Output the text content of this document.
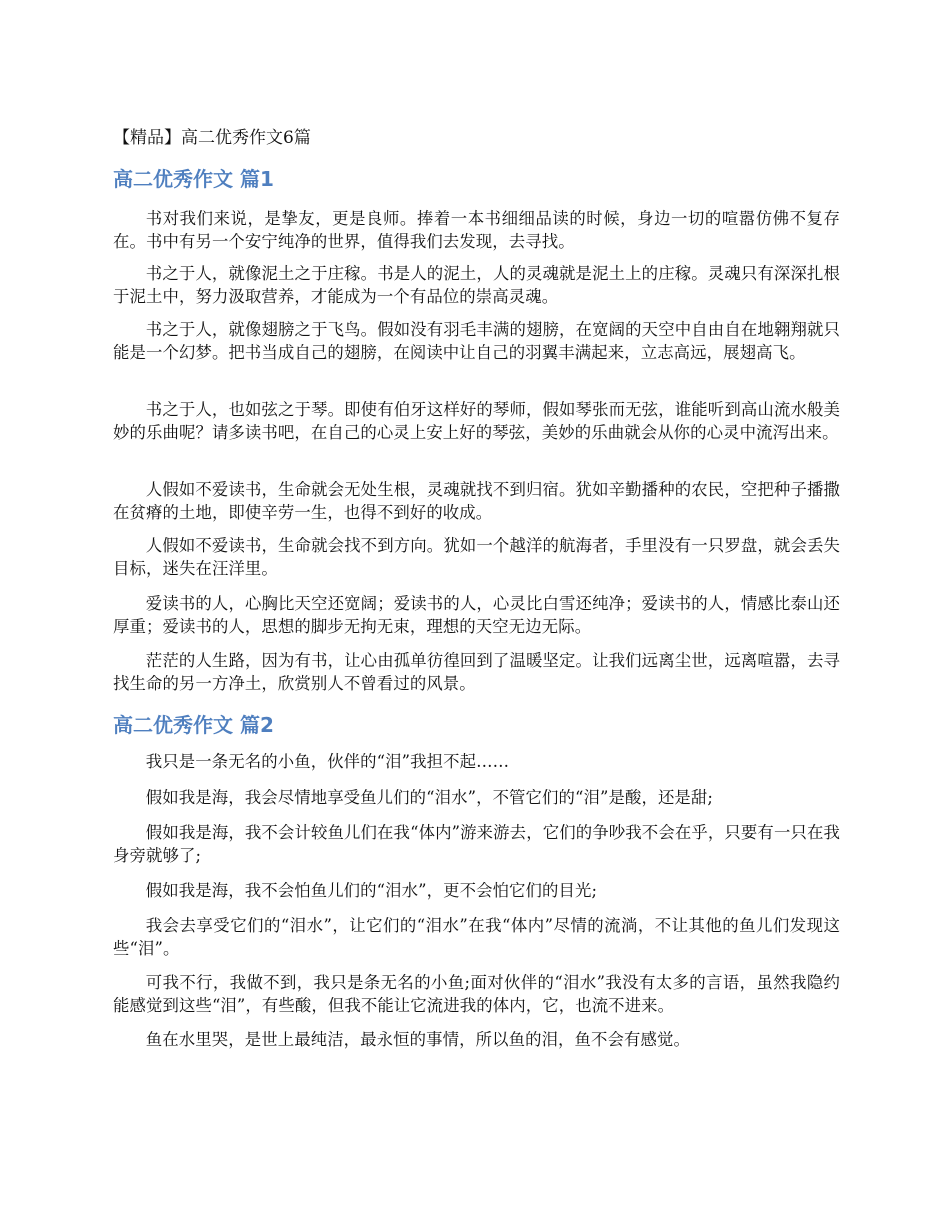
【精品】高二优秀作文6篇
高二优秀作文 篇1

书对我们来说，是挚友，更是良师。捧着一本书细细品读的时候，身边一切的喧嚣仿佛不复存在。书中有另一个安宁纯净的世界，值得我们去发现，去寻找。

书之于人，就像泥土之于庄稼。书是人的泥土，人的灵魂就是泥土上的庄稼。灵魂只有深深扎根于泥土中，努力汲取营养，才能成为一个有品位的崇高灵魂。

书之于人，就像翅膀之于飞鸟。假如没有羽毛丰满的翅膀，在宽阔的天空中自由自在地翱翔就只能是一个幻梦。把书当成自己的翅膀，在阅读中让自己的羽翼丰满起来，立志高远，展翅高飞。

书之于人，也如弦之于琴。即使有伯牙这样好的琴师，假如琴张而无弦，谁能听到高山流水般美妙的乐曲呢？请多读书吧，在自己的心灵上安上好的琴弦，美妙的乐曲就会从你的心灵中流泻出来。

人假如不爱读书，生命就会无处生根，灵魂就找不到归宿。犹如辛勤播种的农民，空把种子播撒在贫瘠的土地，即使辛劳一生，也得不到好的收成。

人假如不爱读书，生命就会找不到方向。犹如一个越洋的航海者，手里没有一只罗盘，就会丢失目标，迷失在汪洋里。

爱读书的人，心胸比天空还宽阔；爱读书的人，心灵比白雪还纯净；爱读书的人，情感比泰山还厚重；爱读书的人，思想的脚步无拘无束，理想的天空无边无际。

茫茫的人生路，因为有书，让心由孤单彷徨回到了温暖坚定。让我们远离尘世，远离喧嚣，去寻找生命的另一方净土，欣赏别人不曾看过的风景。

高二优秀作文 篇2

我只是一条无名的小鱼，伙伴的“泪”我担不起……

假如我是海，我会尽情地享受鱼儿们的“泪水”，不管它们的“泪”是酸，还是甜;

假如我是海，我不会计较鱼儿们在我“体内”游来游去，它们的争吵我不会在乎，只要有一只在我身旁就够了;

假如我是海，我不会怕鱼儿们的“泪水”，更不会怕它们的目光;

我会去享受它们的“泪水”，让它们的“泪水”在我“体内”尽情的流淌，不让其他的鱼儿们发现这些“泪”。

可我不行，我做不到，我只是条无名的小鱼;面对伙伴的“泪水”我没有太多的言语，虽然我隐约能感觉到这些“泪”，有些酸，但我不能让它流进我的体内，它，也流不进来。

鱼在水里哭，是世上最纯洁，最永恒的事情，所以鱼的泪，鱼不会有感觉。
